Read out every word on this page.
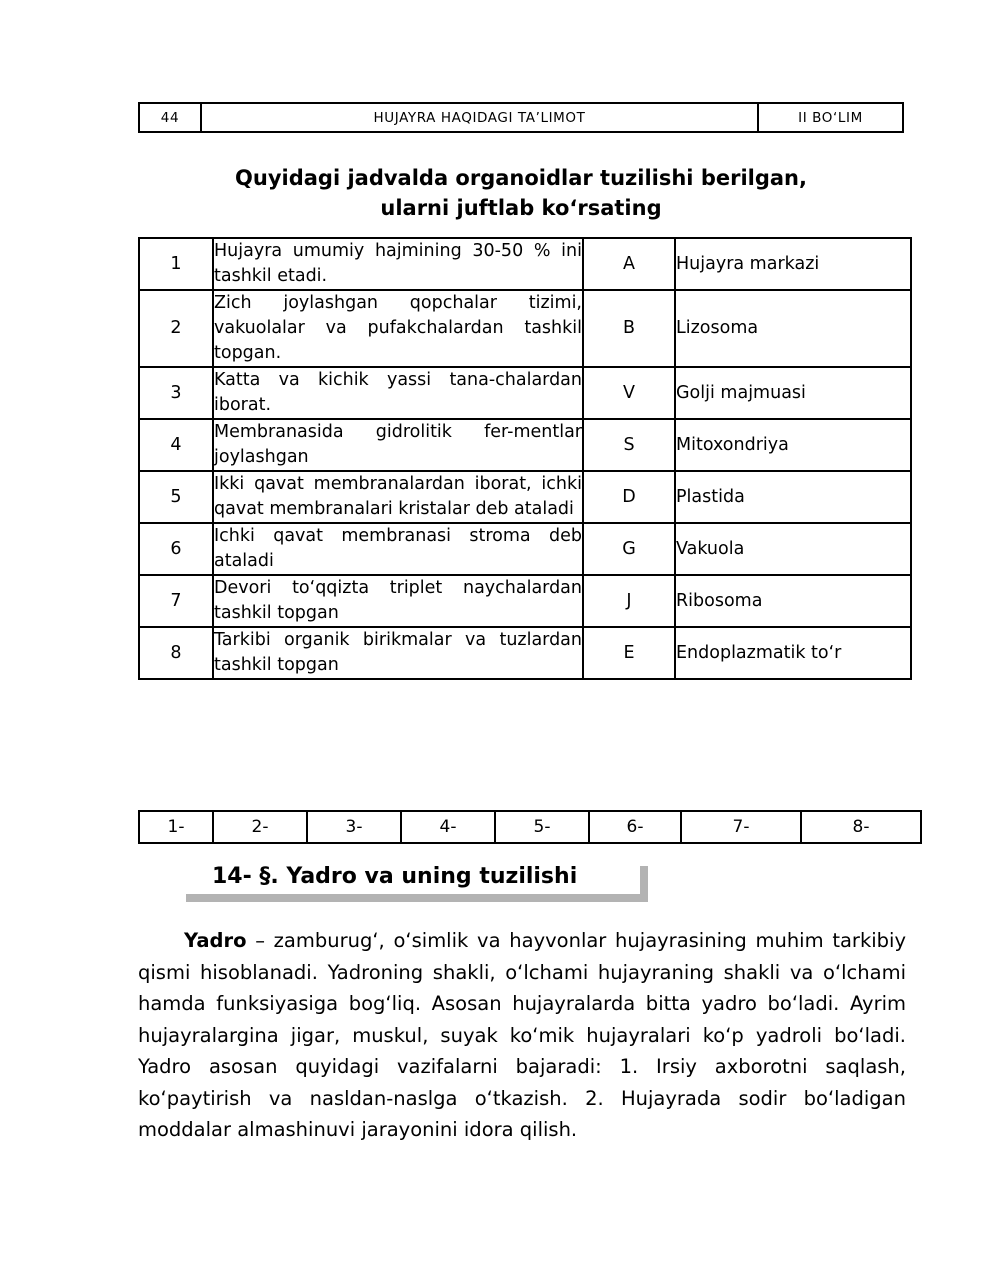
44	HUJAYRA HAQIDAGI TA’LIMOT	II BO‘LIM
Quyidagi jadvalda organoidlar tuzilishi berilgan,
ularni juftlab ko‘rsating
1	Hujayra umumiy hajmining 30-50 % ini tashkil etadi.	A	Hujayra markazi
2	Zich joylashgan qopchalar tizimi, vakuolalar va pufakchalardan tashkil topgan.	B	Lizosoma
3	Katta va kichik yassi tana-chalardan iborat.	V	Golji majmuasi
4	Membranasida gidrolitik fer-mentlar joylashgan	S	Mitoxondriya
5	Ikki qavat membranalardan iborat, ichki qavat membranalari kristalar deb ataladi	D	Plastida
6	Ichki qavat membranasi stroma deb ataladi	G	Vakuola
7	Devori to‘qqizta triplet naychalardan tashkil topgan	J	Ribosoma
8	Tarkibi organik birikmalar va tuzlardan tashkil topgan	E	Endoplazmatik to‘r
1-	2-	3-	4-	5-	6-	7-	8-
14- §. Yadro va uning tuzilishi
Yadro – zamburug‘, o‘simlik va hayvonlar hujayrasining muhim tarkibiy qismi hisoblanadi. Yadroning shakli, o‘lchami hujayraning shakli va o‘lchami hamda funksiyasiga bog‘liq. Asosan hujayralarda bitta yadro bo‘ladi. Ayrim hujayralargina jigar, muskul, suyak ko‘mik hujayralari ko‘p yadroli bo‘ladi. Yadro asosan quyidagi vazifalarni bajaradi: 1. Irsiy axborotni saqlash, ko‘paytirish va nasldan-naslga o‘tkazish. 2. Hujayrada sodir bo‘ladigan moddalar almashinuvi jarayonini idora qilish.
